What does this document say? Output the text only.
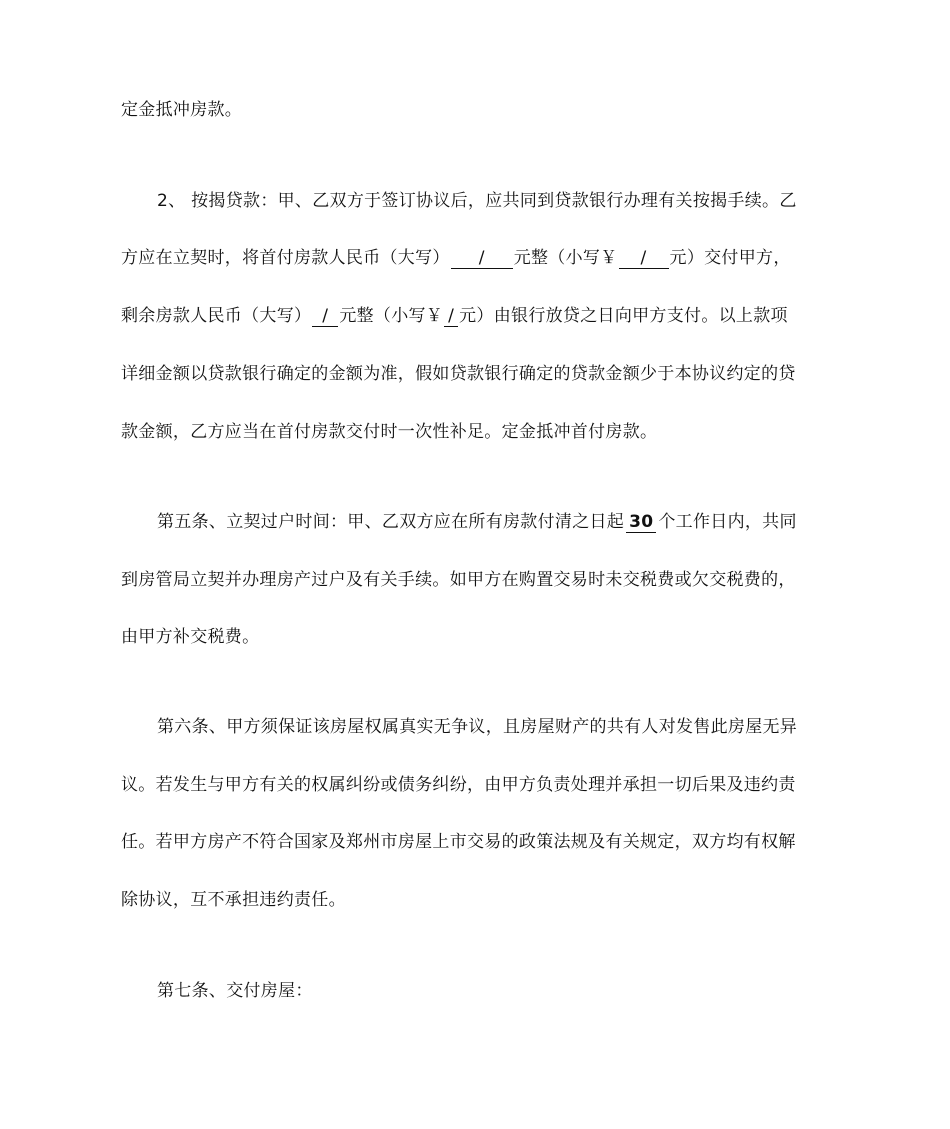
定金抵冲房款。
2、 按揭贷款：甲、乙双方于签订协议后，应共同到贷款银行办理有关按揭手续。乙
方应在立契时，将首付房款人民币（大写） / 元整（小写￥ / 元）交付甲方，
剩余房款人民币（大写） / 元整（小写￥ / 元）由银行放贷之日向甲方支付。以上款项
详细金额以贷款银行确定的金额为准，假如贷款银行确定的贷款金额少于本协议约定的贷
款金额，乙方应当在首付房款交付时一次性补足。定金抵冲首付房款。
第五条、立契过户时间：甲、乙双方应在所有房款付清之日起 30 个工作日内，共同
到房管局立契并办理房产过户及有关手续。如甲方在购置交易时未交税费或欠交税费的，
由甲方补交税费。
第六条、甲方须保证该房屋权属真实无争议，且房屋财产的共有人对发售此房屋无异
议。若发生与甲方有关的权属纠纷或债务纠纷，由甲方负责处理并承担一切后果及违约责
任。若甲方房产不符合国家及郑州市房屋上市交易的政策法规及有关规定，双方均有权解
除协议，互不承担违约责任。
第七条、交付房屋：
